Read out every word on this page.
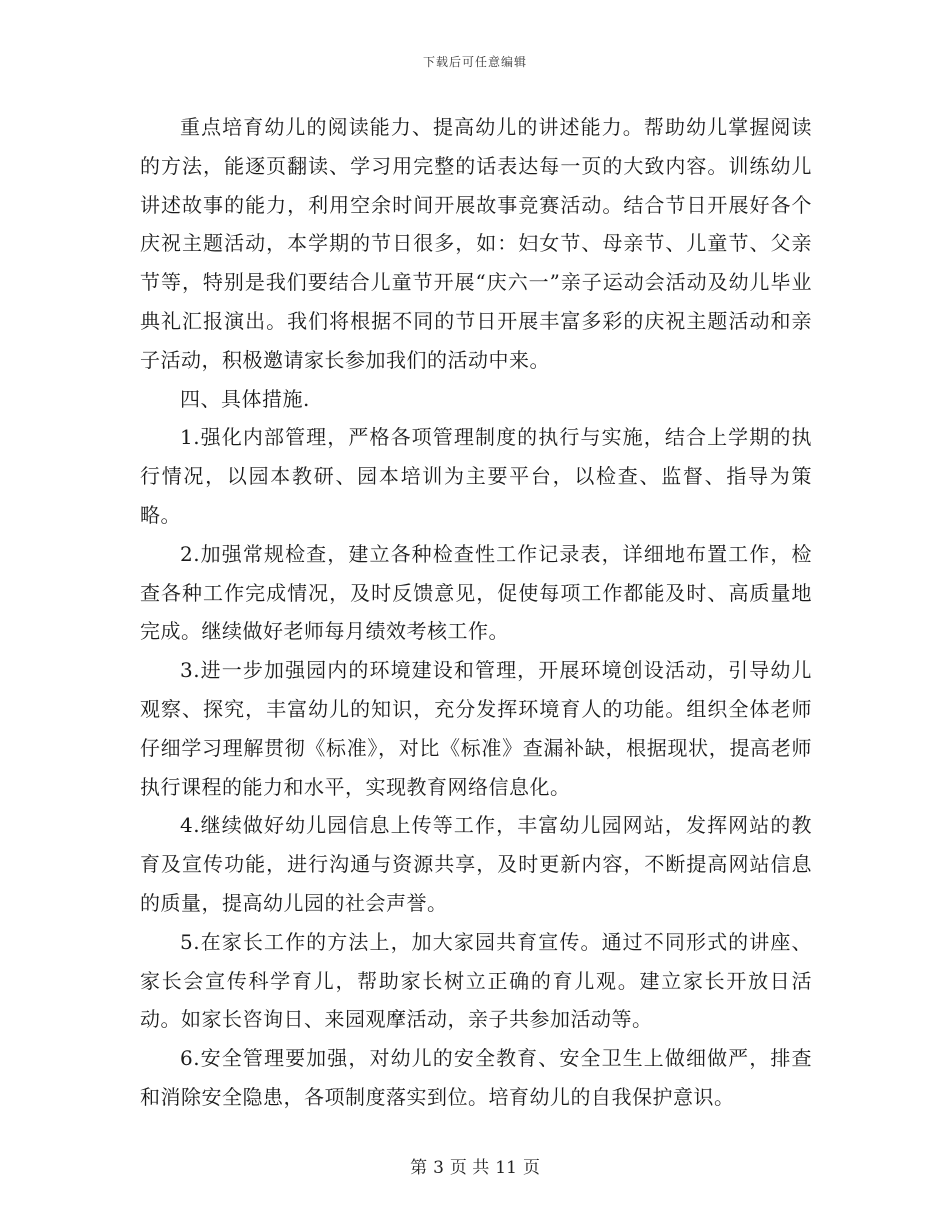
下载后可任意编辑

重点培育幼儿的阅读能力、提高幼儿的讲述能力。帮助幼儿掌握阅读的方法，能逐页翻读、学习用完整的话表达每一页的大致内容。训练幼儿讲述故事的能力，利用空余时间开展故事竞赛活动。结合节日开展好各个庆祝主题活动，本学期的节日很多，如：妇女节、母亲节、儿童节、父亲节等，特别是我们要结合儿童节开展“庆六一”亲子运动会活动及幼儿毕业典礼汇报演出。我们将根据不同的节日开展丰富多彩的庆祝主题活动和亲子活动，积极邀请家长参加我们的活动中来。

四、具体措施.

1.强化内部管理，严格各项管理制度的执行与实施，结合上学期的执行情况，以园本教研、园本培训为主要平台，以检查、监督、指导为策略。

2.加强常规检查，建立各种检查性工作记录表，详细地布置工作，检查各种工作完成情况，及时反馈意见，促使每项工作都能及时、高质量地完成。继续做好老师每月绩效考核工作。

3.进一步加强园内的环境建设和管理，开展环境创设活动，引导幼儿观察、探究，丰富幼儿的知识，充分发挥环境育人的功能。组织全体老师仔细学习理解贯彻《标准》，对比《标准》查漏补缺，根据现状，提高老师执行课程的能力和水平，实现教育网络信息化。

4.继续做好幼儿园信息上传等工作，丰富幼儿园网站，发挥网站的教育及宣传功能，进行沟通与资源共享，及时更新内容，不断提高网站信息的质量，提高幼儿园的社会声誉。

5.在家长工作的方法上，加大家园共育宣传。通过不同形式的讲座、家长会宣传科学育儿，帮助家长树立正确的育儿观。建立家长开放日活动。如家长咨询日、来园观摩活动，亲子共参加活动等。

6.安全管理要加强，对幼儿的安全教育、安全卫生上做细做严，排查和消除安全隐患，各项制度落实到位。培育幼儿的自我保护意识。

第 3 页 共 11 页
